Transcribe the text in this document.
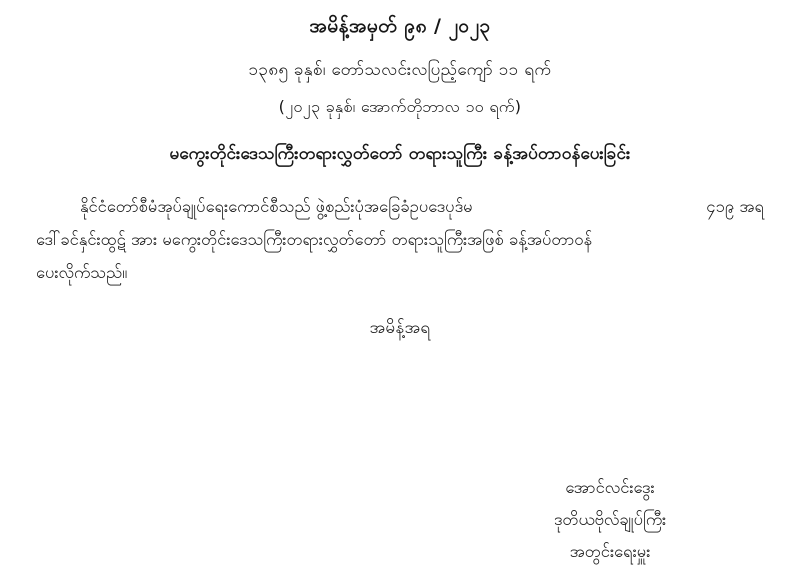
အမိန့်အမှတ် ၉၈ / ၂၀၂၃
၁၃၈၅ ခုနှစ်၊ တော်သလင်းလပြည့်ကျော် ၁၁ ရက်
(၂၀၂၃ ခုနှစ်၊ အောက်တိုဘာလ ၁၀ ရက်)
မကွေးတိုင်းဒေသကြီးတရားလွှတ်တော် တရားသူကြီး ခန့်အပ်တာဝန်ပေးခြင်း
နိုင်ငံတော်စီမံအုပ်ချုပ်ရေးကောင်စီသည် ဖွဲ့စည်းပုံအခြေခံဥပဒေပုဒ်မ	၄၁၉ အရ
ဒေါ်ခင်နှင်းထွဋ် အား မကွေးတိုင်းဒေသကြီးတရားလွှတ်တော် တရားသူကြီးအဖြစ် ခန့်အပ်တာဝန်
ပေးလိုက်သည်။
အမိန့်အရ
အောင်လင်းဒွေး
ဒုတိယဗိုလ်ချုပ်ကြီး
အတွင်းရေးမှူး
